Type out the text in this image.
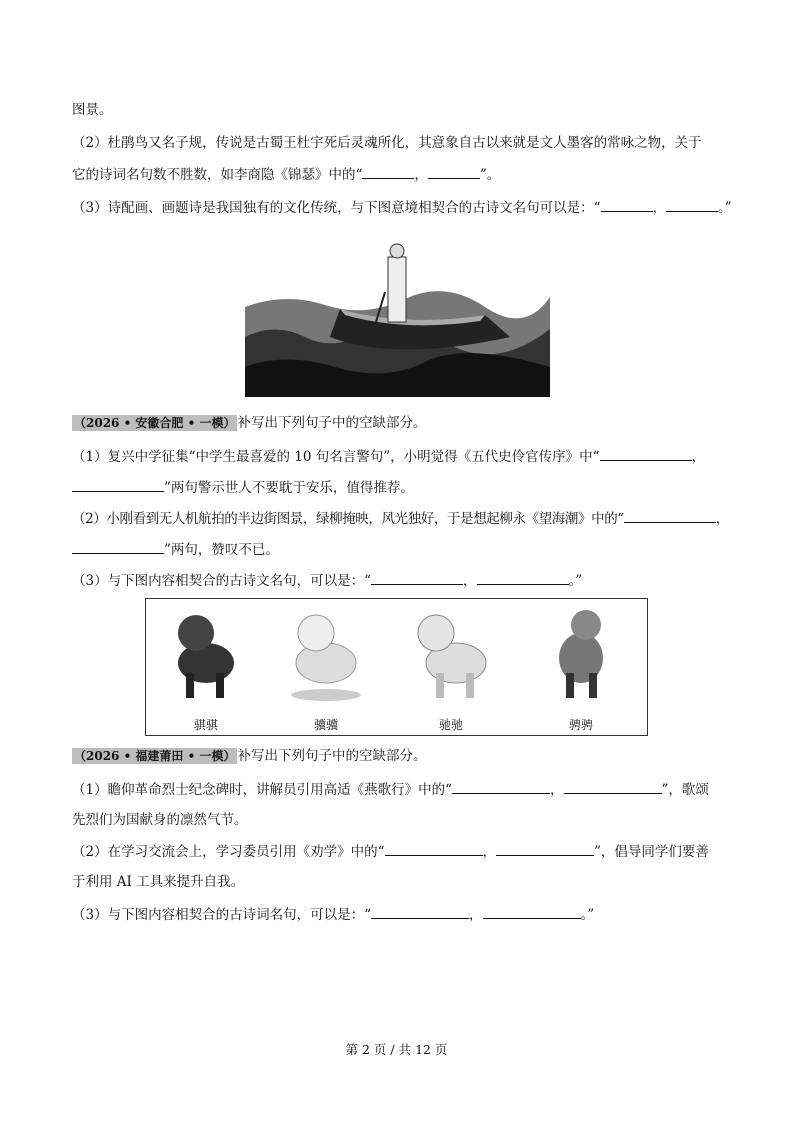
图景。
（2）杜鹃鸟又名子规，传说是古蜀王杜宇死后灵魂所化，其意象自古以来就是文人墨客的常咏之物，关于
它的诗词名句数不胜数，如李商隐《锦瑟》中的“	，	”。
（3）诗配画、画题诗是我国独有的文化传统，与下图意境相契合的古诗文名句可以是：“	，	。”
（2026 • 安徽合肥 • 一模） 补写出下列句子中的空缺部分。
（1）复兴中学征集“中学生最喜爱的 10 句名言警句”，小明觉得《五代史伶官传序》中“	，
”两句警示世人不要耽于安乐，值得推荐。
（2）小刚看到无人机航拍的半边街图景，绿柳掩映，风光独好，于是想起柳永《望海潮》中的“	，
”两句，赞叹不已。
（3）与下图内容相契合的古诗文名句，可以是：“	，	。”
骐骐	骥骥	驰驰	骋骋
（2026 • 福建莆田 • 一模） 补写出下列句子中的空缺部分。
（1）瞻仰革命烈士纪念碑时，讲解员引用高适《燕歌行》中的“	，	”，歌颂
先烈们为国献身的凛然气节。
（2）在学习交流会上，学习委员引用《劝学》中的“	，	”，倡导同学们要善
于利用 AI 工具来提升自我。
（3）与下图内容相契合的古诗词名句，可以是：“	，	。”
第 2 页 / 共 12 页
